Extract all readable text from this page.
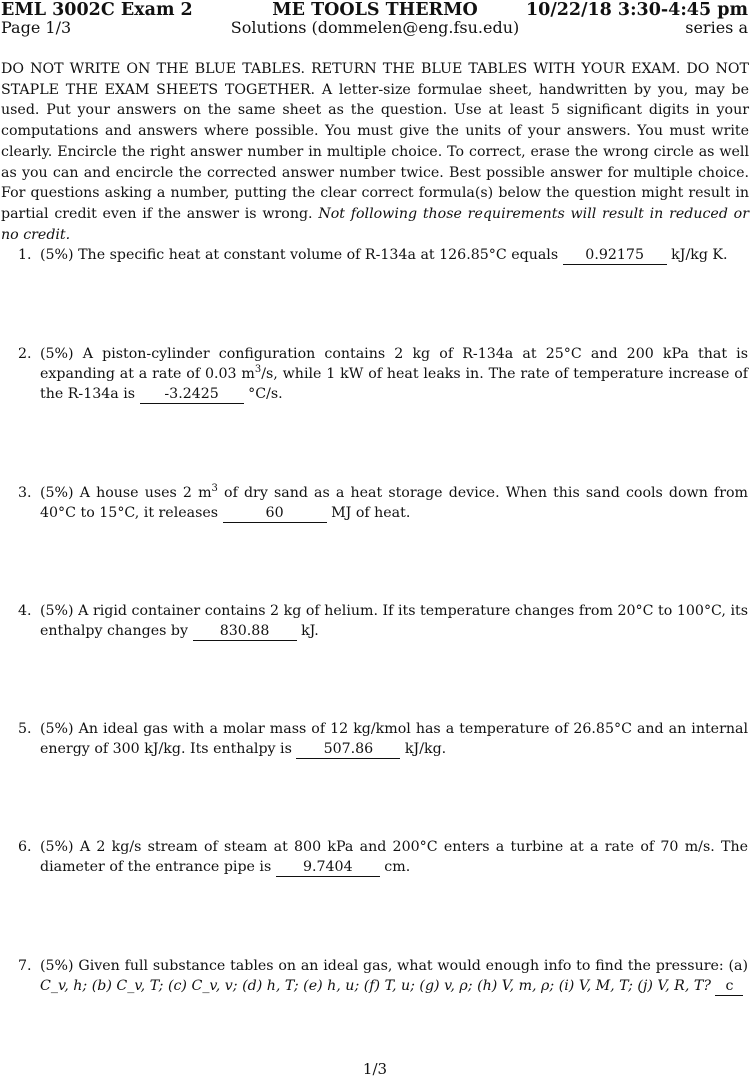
EML 3002C Exam 2	ME TOOLS THERMO	10/22/18 3:30-4:45 pm
Page 1/3	Solutions (dommelen@eng.fsu.edu)	series a
DO NOT WRITE ON THE BLUE TABLES. RETURN THE BLUE TABLES WITH YOUR EXAM. DO NOT STAPLE THE EXAM SHEETS TOGETHER. A letter-size formulae sheet, handwritten by you, may be used. Put your answers on the same sheet as the question. Use at least 5 significant digits in your computations and answers where possible. You must give the units of your answers. You must write clearly. Encircle the right answer number in multiple choice. To correct, erase the wrong circle as well as you can and encircle the corrected answer number twice. Best possible answer for multiple choice. For questions asking a number, putting the clear correct formula(s) below the question might result in partial credit even if the answer is wrong. Not following those requirements will result in reduced or no credit.
1. (5%) The specific heat at constant volume of R-134a at 126.85°C equals 0.92175 kJ/kg K.
2. (5%) A piston-cylinder configuration contains 2 kg of R-134a at 25°C and 200 kPa that is expanding at a rate of 0.03 $m^3/s$, while 1 kW of heat leaks in. The rate of temperature increase of the R-134a is -3.2425 °C/s.
3. (5%) A house uses 2 $m^3$ of dry sand as a heat storage device. When this sand cools down from 40°C to 15°C, it releases	60	MJ of heat.
4. (5%) A rigid container contains 2 kg of helium. If its temperature changes from 20°C to 100°C, its enthalpy changes by 830.88 kJ.
5. (5%) An ideal gas with a molar mass of 12 kg/kmol has a temperature of 26.85°C and an internal energy of 300 kJ/kg. Its enthalpy is 507.86 kJ/kg.
6. (5%) A 2 kg/s stream of steam at 800 kPa and 200°C enters a turbine at a rate of 70 m/s. The diameter of the entrance pipe is 9.7404 cm.
7. (5%) Given full substance tables on an ideal gas, what would enough info to find the pressure: (a) C_v, h; (b) C_v, T; (c) C_v, v; (d) h, T; (e) h, u; (f) T, u; (g) v, ρ; (h) V, m, ρ; (i) V, M, T; (j) V, R, T? c
1/3
